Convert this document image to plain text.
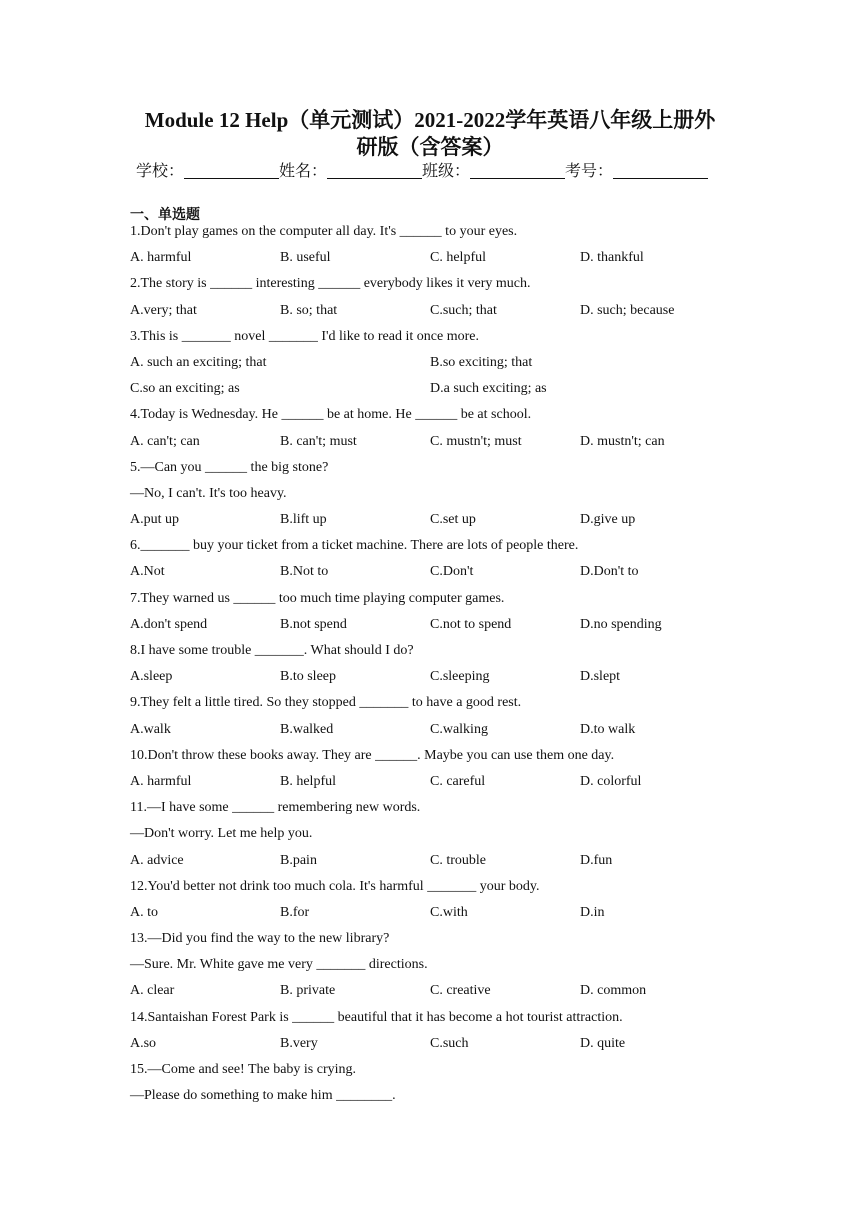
Module 12 Help（单元测试）2021-2022学年英语八年级上册外
研版（含答案）
学校：	姓名：	班级：	考号：
一、单选题
1.Don't play games on the computer all day. It's ______ to your eyes.
A. harmful	B. useful	C. helpful	D. thankful
2.The story is ______ interesting ______ everybody likes it very much.
A.very; that	B. so; that	C.such; that	D. such; because
3.This is _______ novel _______ I'd like to read it once more.
A. such an exciting; that	B.so exciting; that
C.so an exciting; as	D.a such exciting; as
4.Today is Wednesday. He ______ be at home. He ______ be at school.
A. can't; can	B. can't; must	C. mustn't; must	D. mustn't; can
5.—Can you ______ the big stone?
—No, I can't. It's too heavy.
A.put up	B.lift up	C.set up	D.give up
6._______ buy your ticket from a ticket machine. There are lots of people there.
A.Not	B.Not to	C.Don't	D.Don't to
7.They warned us ______ too much time playing computer games.
A.don't spend	B.not spend	C.not to spend	D.no spending
8.I have some trouble _______. What should I do?
A.sleep	B.to sleep	C.sleeping	D.slept
9.They felt a little tired. So they stopped _______ to have a good rest.
A.walk	B.walked	C.walking	D.to walk
10.Don't throw these books away. They are ______. Maybe you can use them one day.
A. harmful	B. helpful	C. careful	D. colorful
11.—I have some ______ remembering new words.
—Don't worry. Let me help you.
A. advice	B.pain	C. trouble	D.fun
12.You'd better not drink too much cola. It's harmful _______ your body.
A. to	B.for	C.with	D.in
13.—Did you find the way to the new library?
—Sure. Mr. White gave me very _______ directions.
A. clear	B. private	C. creative	D. common
14.Santaishan Forest Park is ______ beautiful that it has become a hot tourist attraction.
A.so	B.very	C.such	D. quite
15.—Come and see! The baby is crying.
—Please do something to make him ________.
